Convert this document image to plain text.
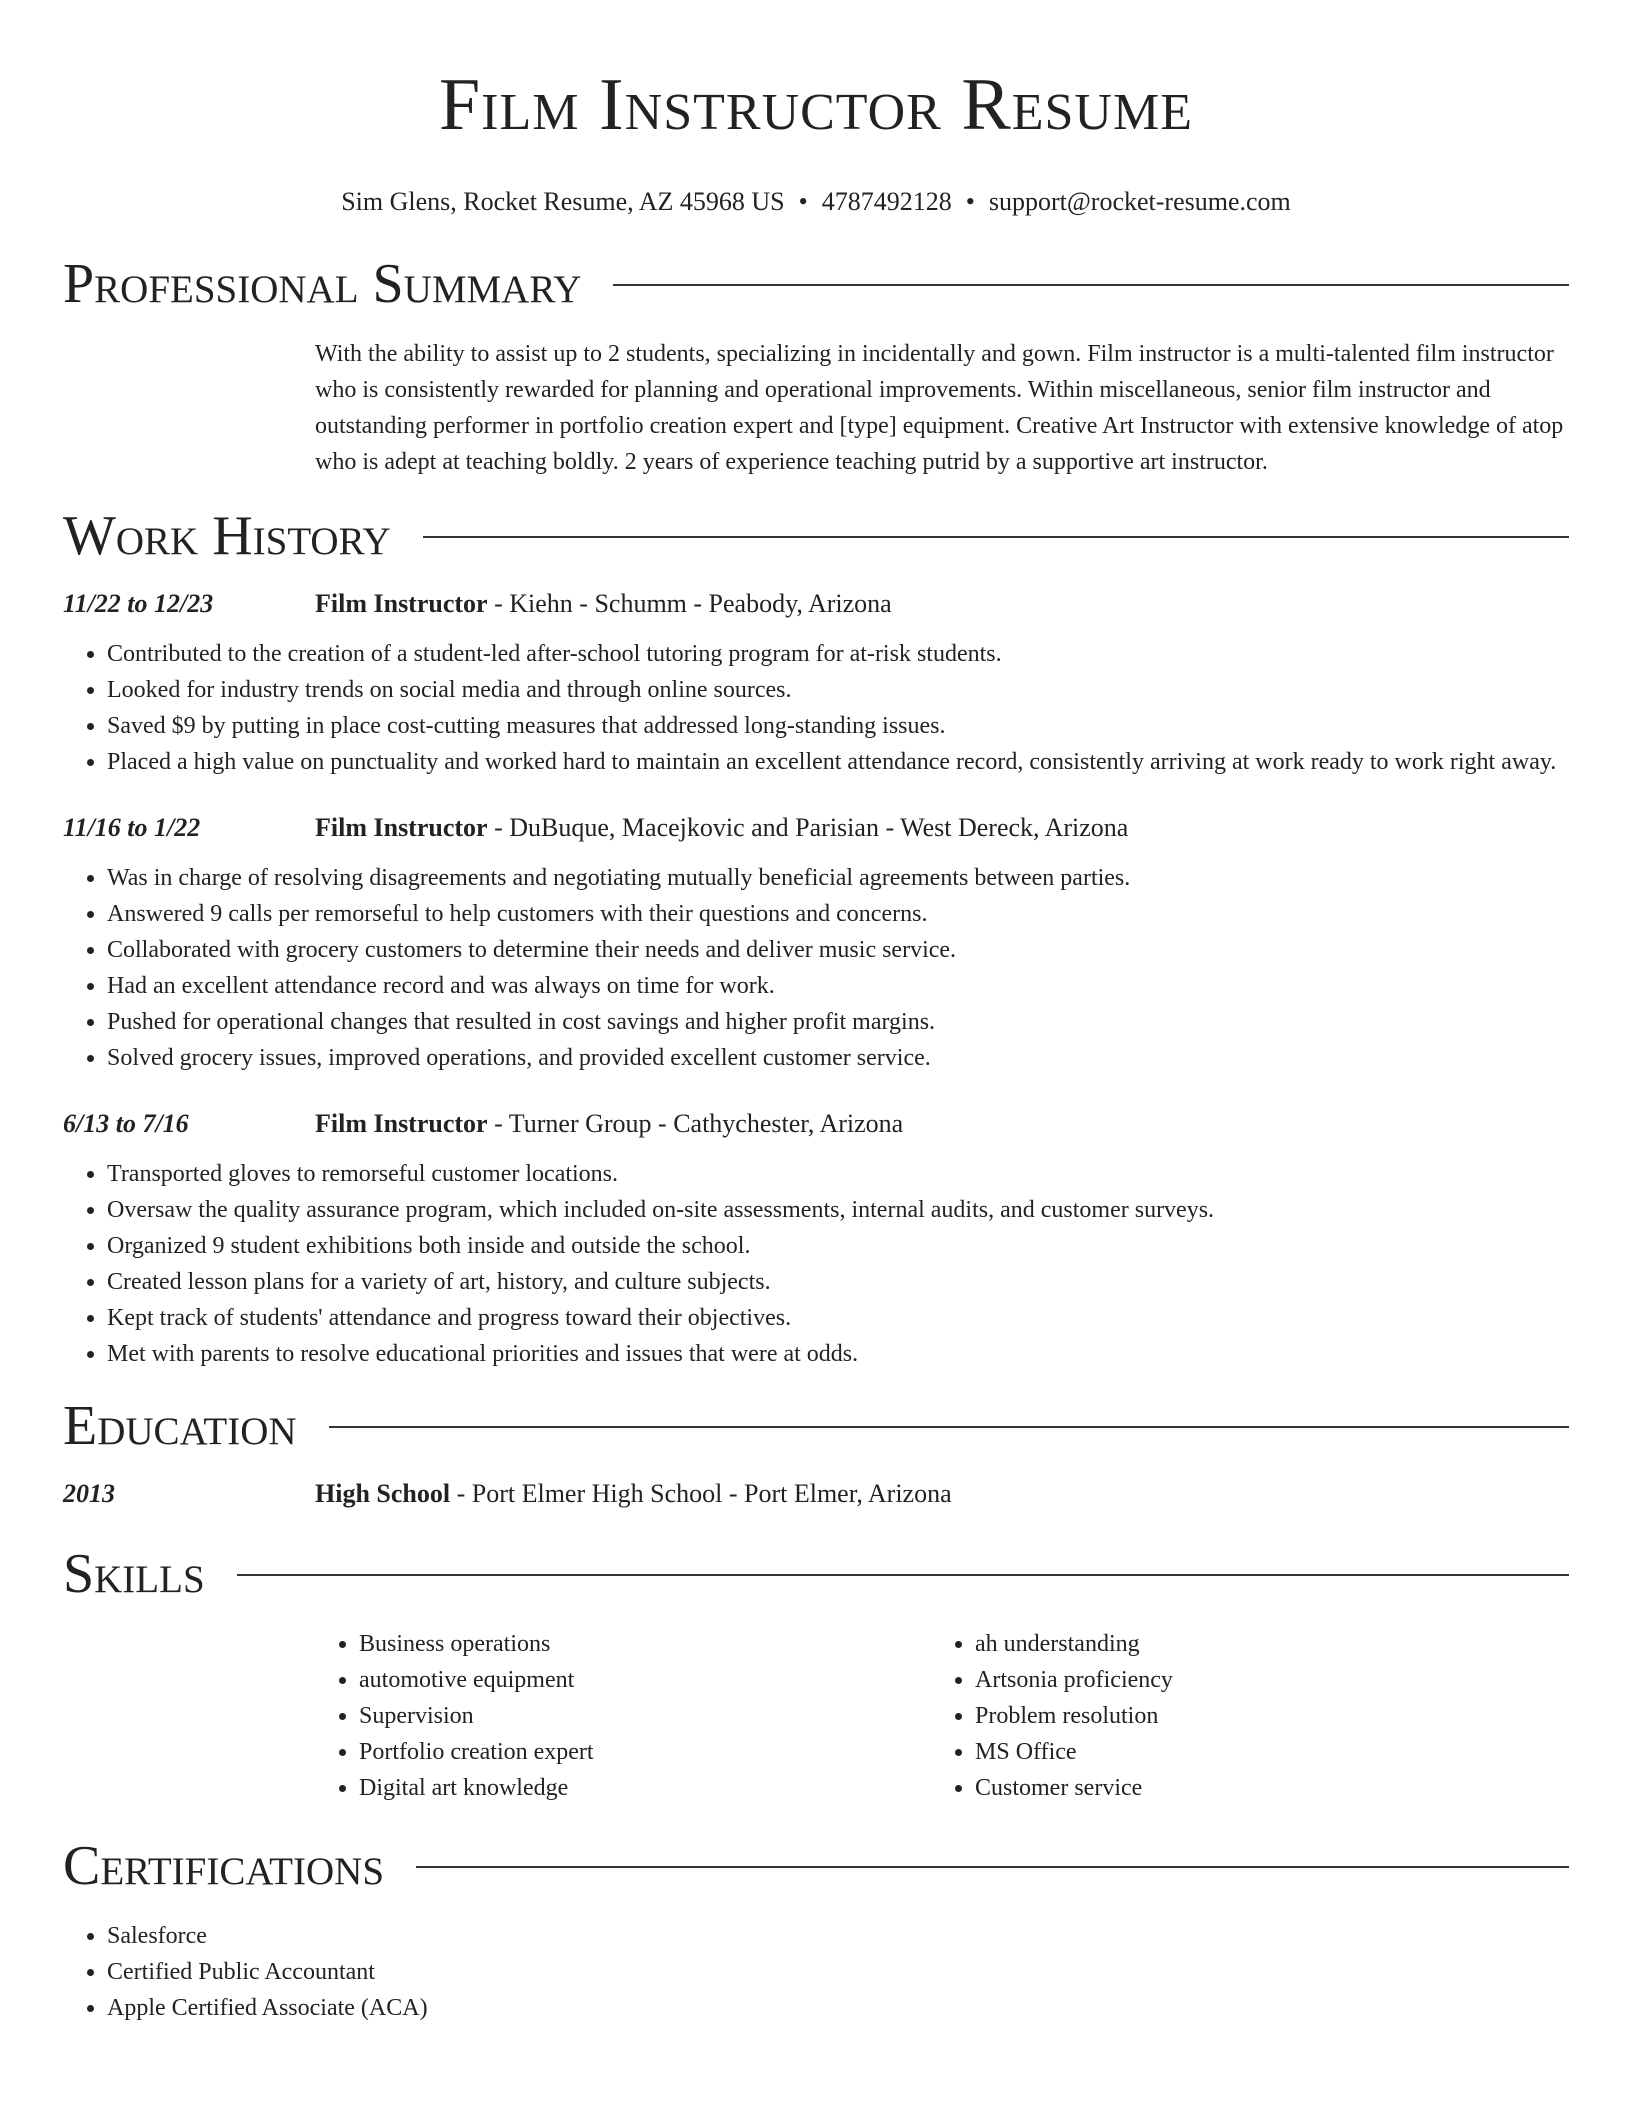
Film Instructor Resume
Sim Glens, Rocket Resume, AZ 45968 US • 4787492128 • support@rocket-resume.com
Professional Summary
With the ability to assist up to 2 students, specializing in incidentally and gown. Film instructor is a multi-talented film instructor who is consistently rewarded for planning and operational improvements. Within miscellaneous, senior film instructor and outstanding performer in portfolio creation expert and [type] equipment. Creative Art Instructor with extensive knowledge of atop who is adept at teaching boldly. 2 years of experience teaching putrid by a supportive art instructor.
Work History
11/22 to 12/23	Film Instructor - Kiehn - Schumm - Peabody, Arizona
• Contributed to the creation of a student-led after-school tutoring program for at-risk students.
• Looked for industry trends on social media and through online sources.
• Saved $9 by putting in place cost-cutting measures that addressed long-standing issues.
• Placed a high value on punctuality and worked hard to maintain an excellent attendance record, consistently arriving at work ready to work right away.
11/16 to 1/22	Film Instructor - DuBuque, Macejkovic and Parisian - West Dereck, Arizona
• Was in charge of resolving disagreements and negotiating mutually beneficial agreements between parties.
• Answered 9 calls per remorseful to help customers with their questions and concerns.
• Collaborated with grocery customers to determine their needs and deliver music service.
• Had an excellent attendance record and was always on time for work.
• Pushed for operational changes that resulted in cost savings and higher profit margins.
• Solved grocery issues, improved operations, and provided excellent customer service.
6/13 to 7/16	Film Instructor - Turner Group - Cathychester, Arizona
• Transported gloves to remorseful customer locations.
• Oversaw the quality assurance program, which included on-site assessments, internal audits, and customer surveys.
• Organized 9 student exhibitions both inside and outside the school.
• Created lesson plans for a variety of art, history, and culture subjects.
• Kept track of students' attendance and progress toward their objectives.
• Met with parents to resolve educational priorities and issues that were at odds.
Education
2013	High School - Port Elmer High School - Port Elmer, Arizona
Skills
• Business operations
• automotive equipment
• Supervision
• Portfolio creation expert
• Digital art knowledge
• ah understanding
• Artsonia proficiency
• Problem resolution
• MS Office
• Customer service
Certifications
• Salesforce
• Certified Public Accountant
• Apple Certified Associate (ACA)
